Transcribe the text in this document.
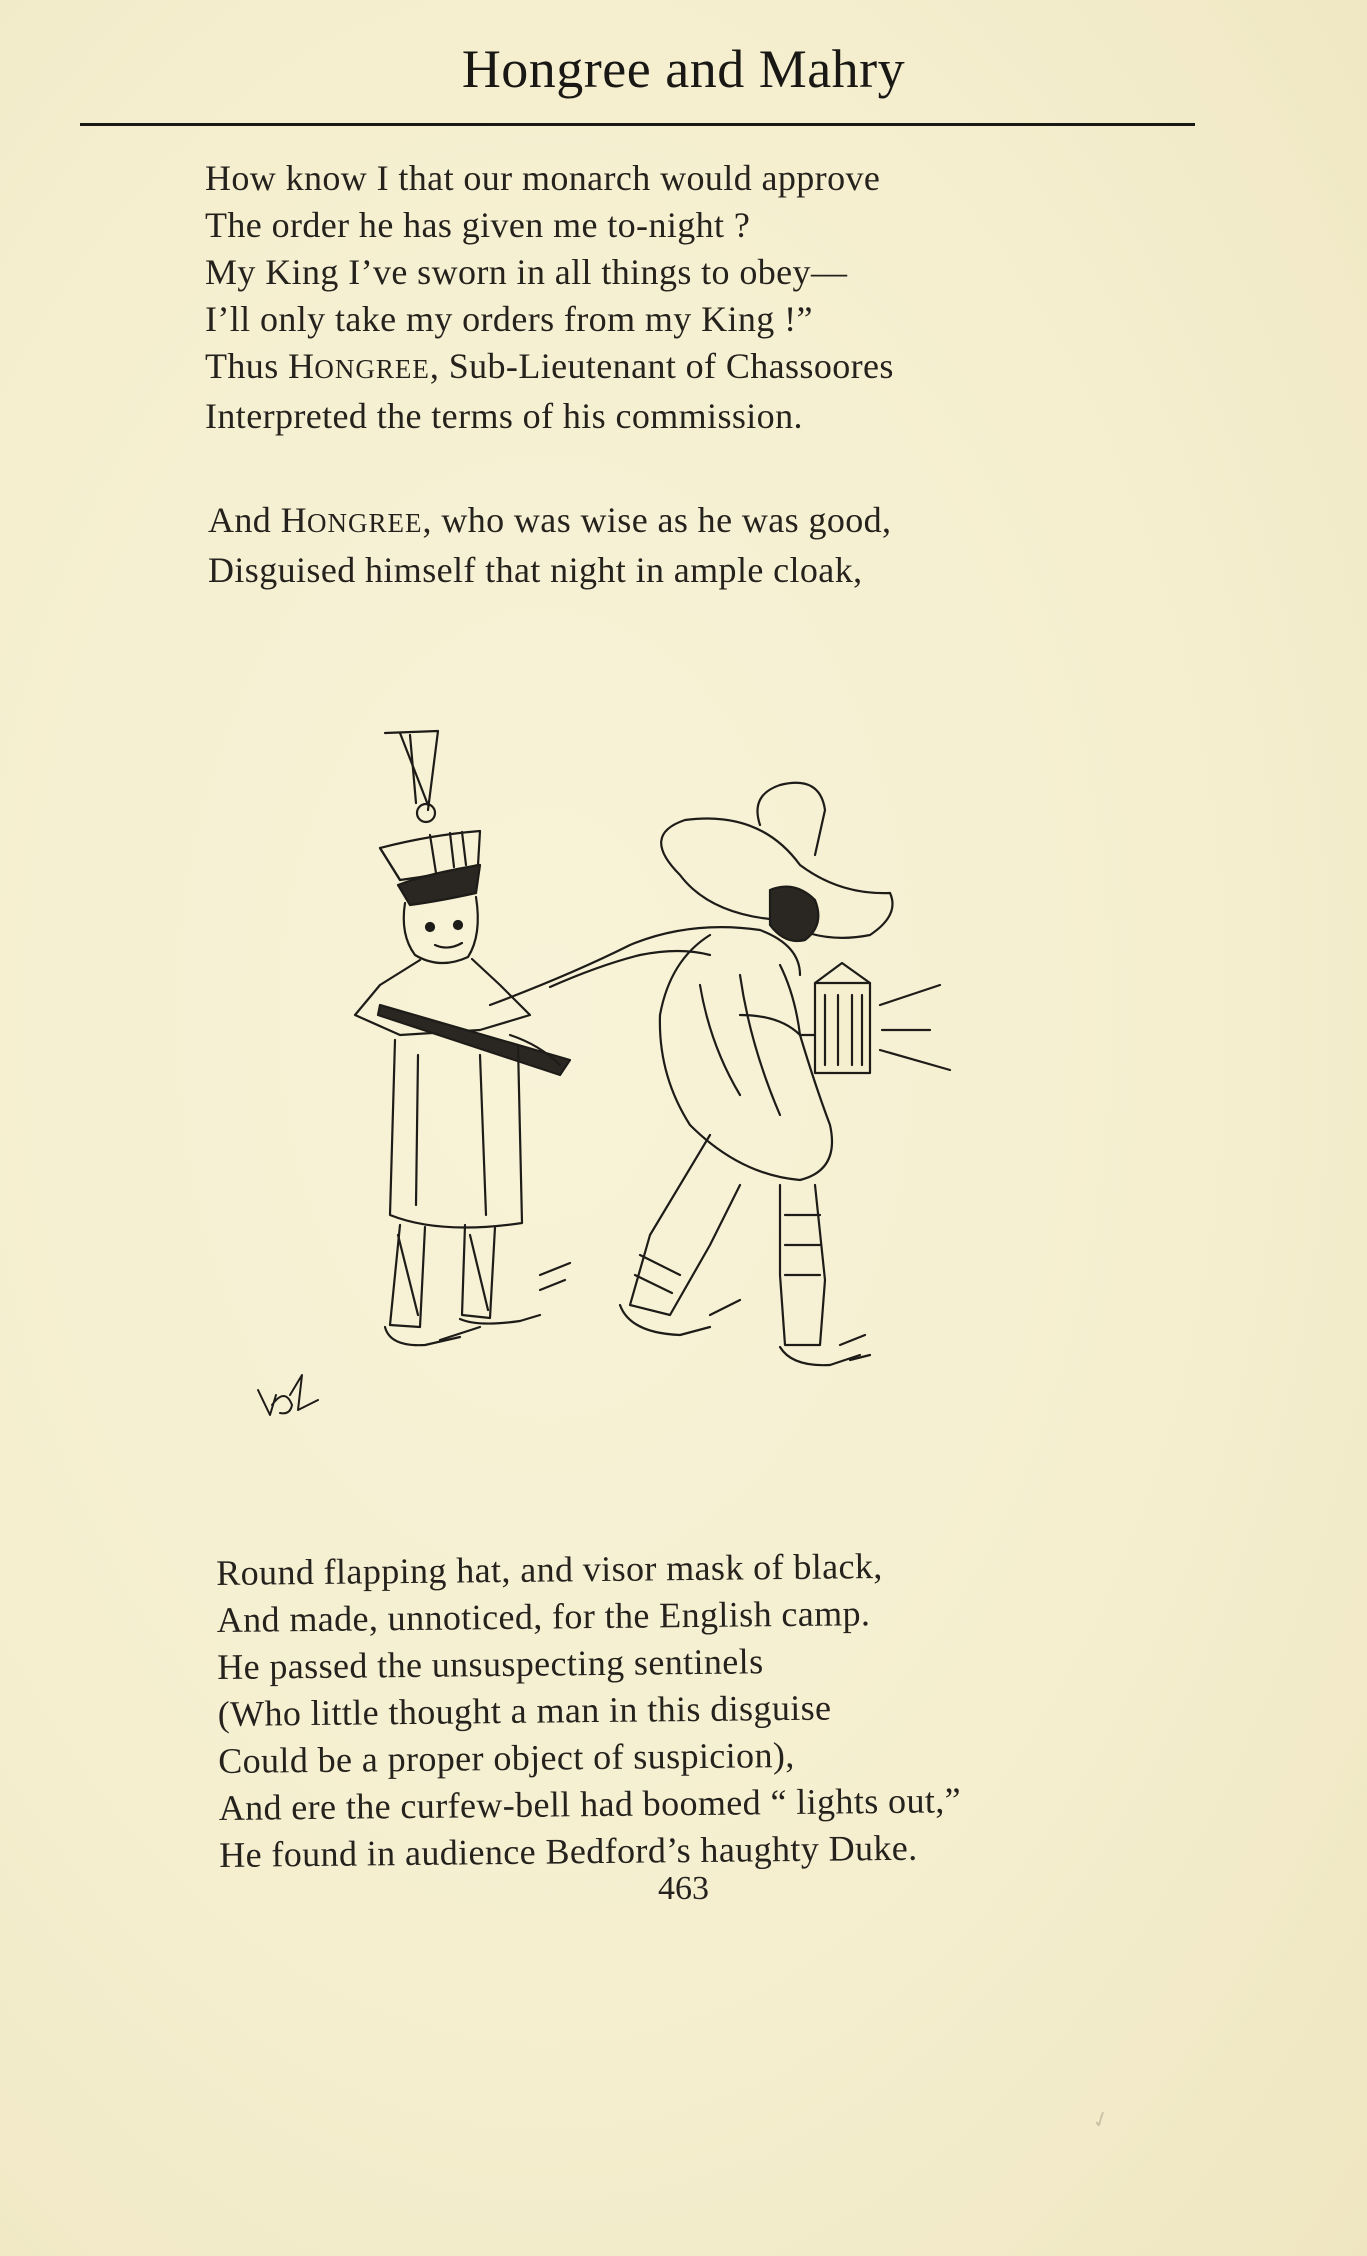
Hongree and Mahry
How know I that our monarch would approve
The order he has given me to-night ?
My King I’ve sworn in all things to obey—
I’ll only take my orders from my King !”
Thus HONGREE, Sub-Lieutenant of Chassoores
Interpreted the terms of his commission.
And HONGREE, who was wise as he was good,
Disguised himself that night in ample cloak,
Round flapping hat, and visor mask of black,
And made, unnoticed, for the English camp.
He passed the unsuspecting sentinels
(Who little thought a man in this disguise
Could be a proper object of suspicion),
And ere the curfew-bell had boomed “ lights out,”
He found in audience Bedford’s haughty Duke.
463
✓
